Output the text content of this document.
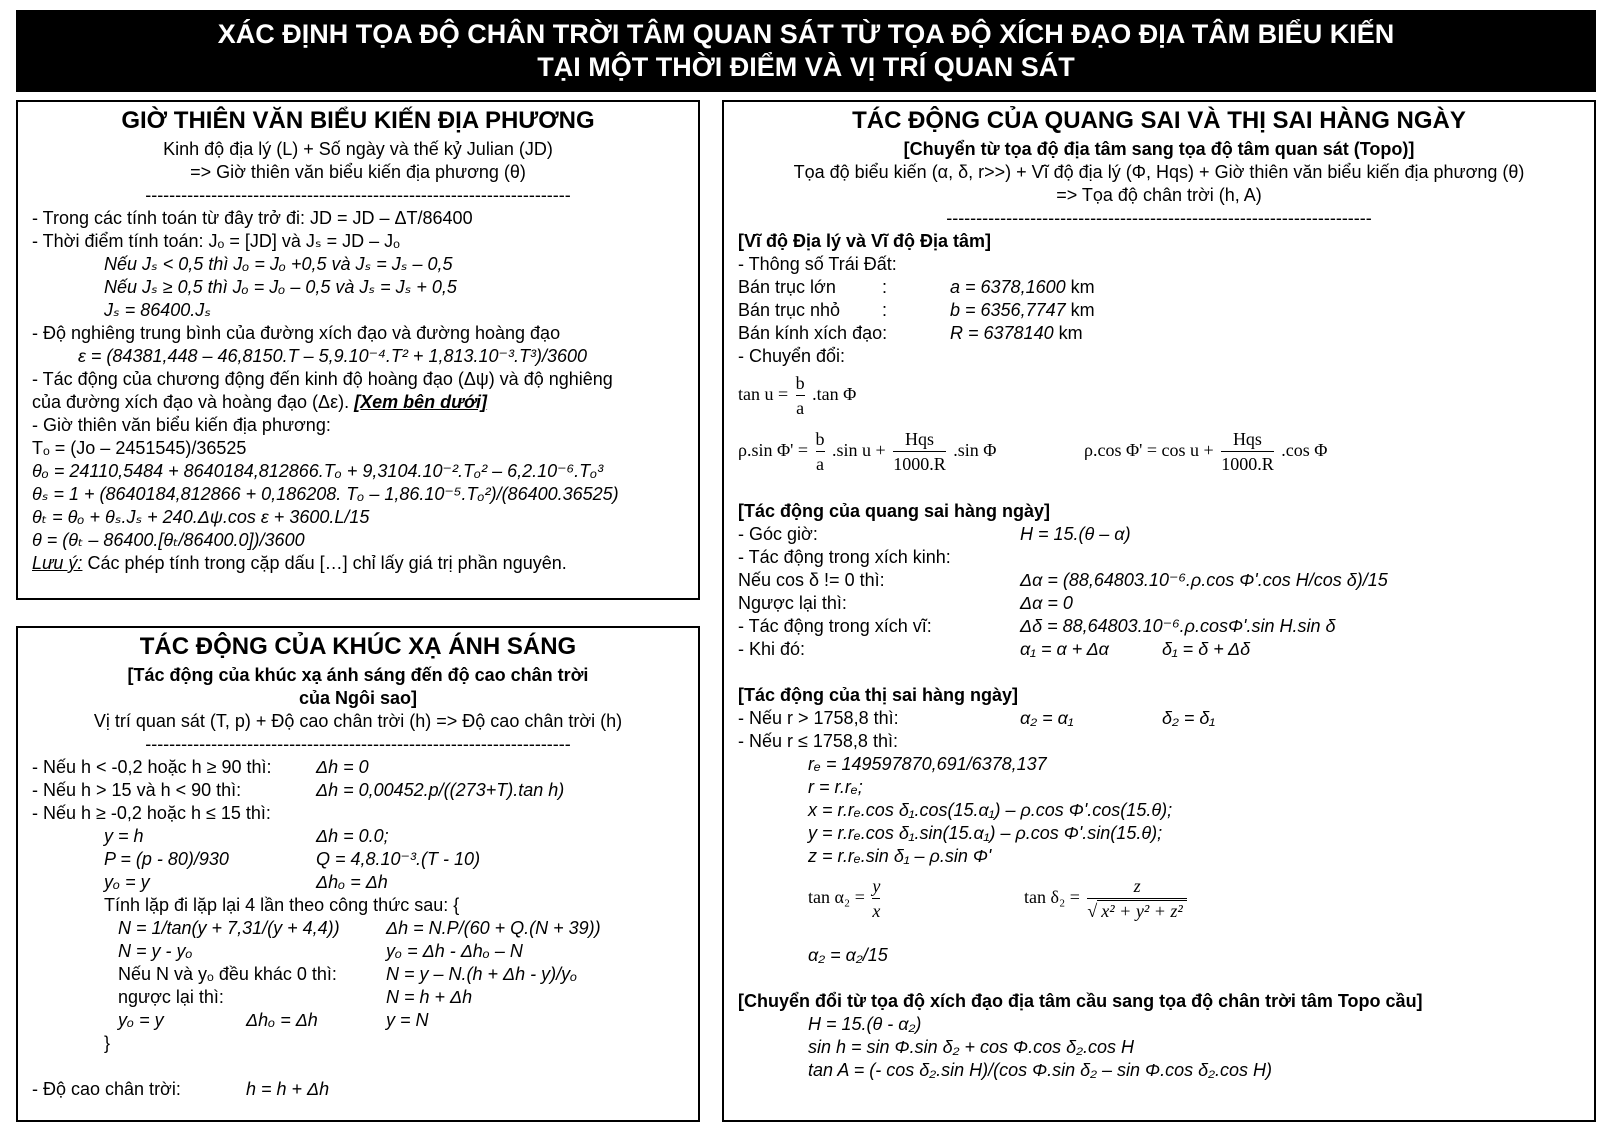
XÁC ĐỊNH TỌA ĐỘ CHÂN TRỜI TÂM QUAN SÁT TỪ TỌA ĐỘ XÍCH ĐẠO ĐỊA TÂM BIỂU KIẾN
TẠI MỘT THỜI ĐIỂM VÀ VỊ TRÍ QUAN SÁT
GIỜ THIÊN VĂN BIỂU KIẾN ĐỊA PHƯƠNG
Kinh độ địa lý (L) + Số ngày và thế kỷ Julian (JD)
=> Giờ thiên văn biểu kiến địa phương (θ)
-----------------------------------------------------------------------
- Trong các tính toán từ đây trở đi: JD = JD – ΔT/86400
- Thời điểm tính toán: Jₒ = [JD] và Jₛ = JD – Jₒ
Nếu Jₛ < 0,5 thì Jₒ = Jₒ +0,5 và Jₛ = Jₛ – 0,5
Nếu Jₛ ≥ 0,5 thì Jₒ = Jₒ – 0,5 và Jₛ = Jₛ + 0,5
Jₛ = 86400.Jₛ
- Độ nghiêng trung bình của đường xích đạo và đường hoàng đạo
ε = (84381,448 – 46,8150.T – 5,9.10⁻⁴.T² + 1,813.10⁻³.T³)/3600
- Tác động của chương động đến kinh độ hoàng đạo (Δψ) và độ nghiêng
của đường xích đạo và hoàng đạo (Δε). [Xem bên dưới]
- Giờ thiên văn biểu kiến địa phương:
Tₒ = (Jo – 2451545)/36525
θₒ = 24110,5484 + 8640184,812866.Tₒ + 9,3104.10⁻².Tₒ² – 6,2.10⁻⁶.Tₒ³
θₛ = 1 + (8640184,812866 + 0,186208. Tₒ – 1,86.10⁻⁵.Tₒ²)/(86400.36525)
θₜ = θₒ + θₛ.Jₛ + 240.Δψ.cos ε + 3600.L/15
θ = (θₜ – 86400.[θₜ/86400.0])/3600
Lưu ý: Các phép tính trong cặp dấu […] chỉ lấy giá trị phần nguyên.
TÁC ĐỘNG CỦA KHÚC XẠ ÁNH SÁNG
[Tác động của khúc xạ ánh sáng đến độ cao chân trời
của Ngôi sao]
Vị trí quan sát (T, p) + Độ cao chân trời (h) => Độ cao chân trời (h)
-----------------------------------------------------------------------
- Nếu h < -0,2 hoặc h ≥ 90 thì: Δh = 0
- Nếu h > 15 và h < 90 thì:	Δh = 0,00452.p/((273+T).tan h)
- Nếu h ≥ -0,2 hoặc h ≤ 15 thì:
y = h	Δh = 0.0;
P = (p - 80)/930	Q = 4,8.10⁻³.(T - 10)
yₒ = y	Δhₒ = Δh
Tính lặp đi lặp lại 4 lần theo công thức sau: {
N = 1/tan(y + 7,31/(y + 4,4))	Δh = N.P/(60 + Q.(N + 39))
N = y - yₒ	yₒ = Δh - Δhₒ – N
Nếu N và yₒ đều khác 0 thì:	N = y – N.(h + Δh - y)/yₒ
ngược lại thì:	N = h + Δh
yₒ = y	Δhₒ = Δh	y = N
}
- Độ cao chân trời:	h = h + Δh
TÁC ĐỘNG CỦA QUANG SAI VÀ THỊ SAI HÀNG NGÀY
[Chuyển từ tọa độ địa tâm sang tọa độ tâm quan sát (Topo)]
Tọa độ biểu kiến (α, δ, r>>) + Vĩ độ địa lý (Φ, Hqs) + Giờ thiên văn biểu kiến địa phương (θ)
=> Tọa độ chân trời (h, A)
-----------------------------------------------------------------------
[Vĩ độ Địa lý và Vĩ độ Địa tâm]
- Thông số Trái Đất:
Bán trục lớn	:	a = 6378,1600 km
Bán trục nhỏ :	b = 6356,7747 km
Bán kính xích đạo:	R = 6378140 km
- Chuyển đổi:
$\tan u = \frac{b}{a} .\tan$ Φ
ρ.sin $\Phi' = \frac{b}{a} .\sin$ $u + \frac{\text{Hqs}}{1000.R} .\sin$ Φ	ρ.cos $\Phi' = \cos u + \frac{\text{Hqs}}{1000.R} .\cos$ Φ
[Tác động của quang sai hàng ngày]
- Góc giờ:	H = 15.(θ – α)
- Tác động trong xích kinh:
Nếu cos δ != 0 thì:	Δα = (88,64803.10⁻⁶.ρ.cos Φ'.cos H/cos δ)/15
Ngược lại thì:	Δα = 0
- Tác động trong xích vĩ:	Δδ = 88,64803.10⁻⁶.ρ.cosΦ'.sin H.sin δ
- Khi đó:	α₁ = α + Δα	δ₁ = δ + Δδ
[Tác động của thị sai hàng ngày]
- Nếu r > 1758,8 thì:	α₂ = α₁	δ₂ = δ₁
- Nếu r ≤ 1758,8 thì:
rₑ = 149597870,691/6378,137
r = r.rₑ;
x = r.rₑ.cos δ₁.cos(15.α₁) – ρ.cos Φ'.cos(15.θ);
y = r.rₑ.cos δ₁.sin(15.α₁) – ρ.cos Φ'.sin(15.θ);
z = r.rₑ.sin δ₁ – ρ.sin Φ'
$\tan \alpha_2 = \frac{y}{x}$	$\tan \delta_2 = \frac{z}{\text{√ x² + y² + z²}}$
α₂ = α₂/15
[Chuyển đổi từ tọa độ xích đạo địa tâm cầu sang tọa độ chân trời tâm Topo cầu]
H = 15.(θ - α₂)
sin h = sin Φ.sin δ₂ + cos Φ.cos δ₂.cos H
tan A = (- cos δ₂.sin H)/(cos Φ.sin δ₂ – sin Φ.cos δ₂.cos H)
